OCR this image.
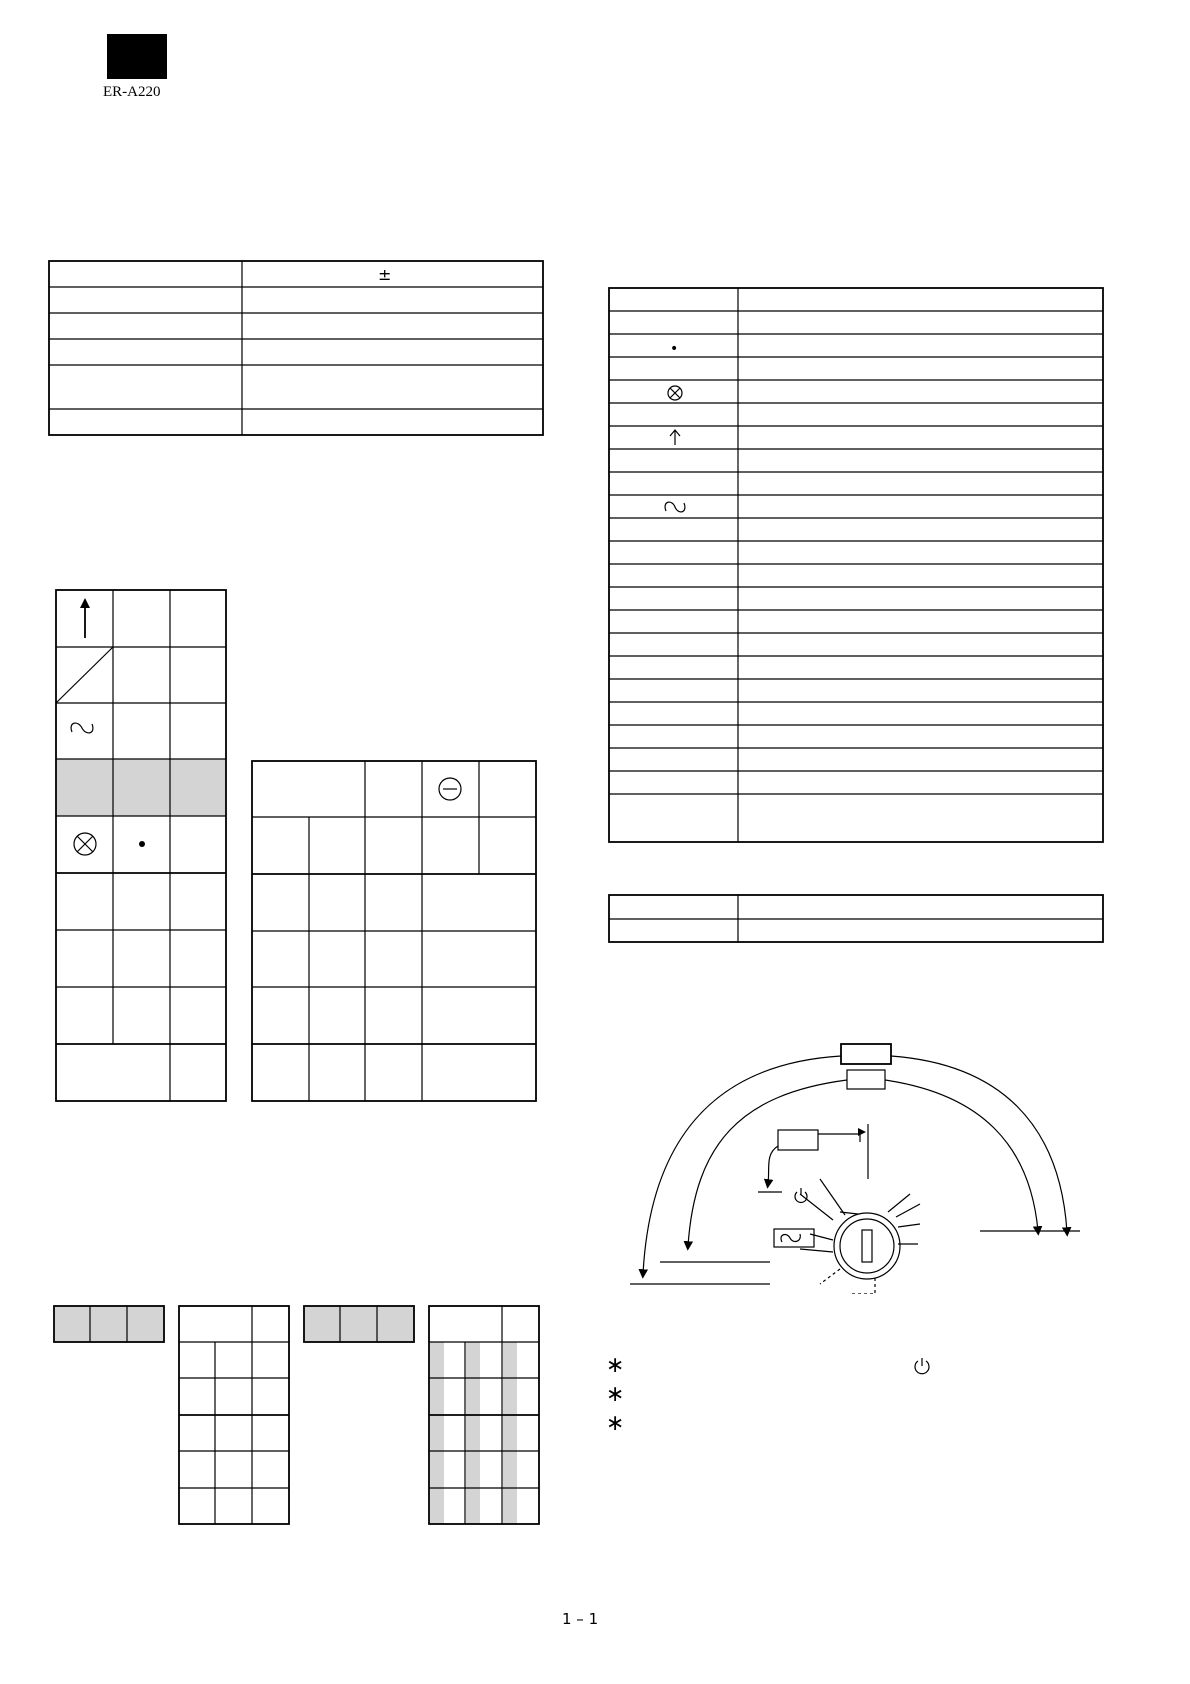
ER-A220
±
•
∗
∗
∗
1 – 1
